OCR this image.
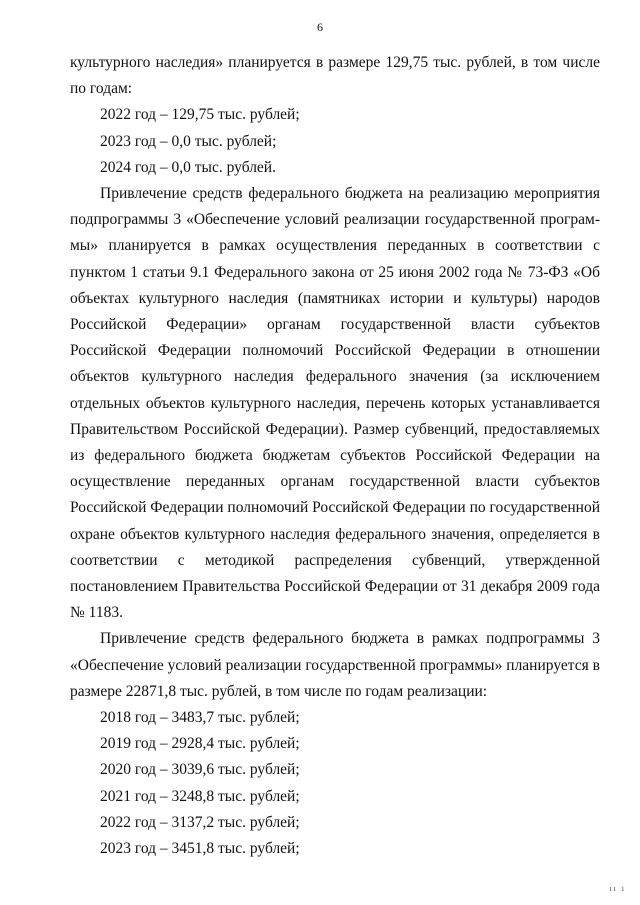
6

культурного наследия» планируется в размере 129,75 тыс. рублей, в том числе по годам:

2022 год – 129,75 тыс. рублей;

2023 год – 0,0 тыс. рублей;

2024 год – 0,0 тыс. рублей.

Привлечение средств федерального бюджета на реализацию мероприятия подпрограммы 3 «Обеспечение условий реализации государственной программы» планируется в рамках осуществления переданных в соответствии с пунктом 1 статьи 9.1 Федерального закона от 25 июня 2002 года № 73-ФЗ «Об объектах культурного наследия (памятниках истории и культуры) народов Российской Федерации» органам государственной власти субъектов Российской Федерации полномочий Российской Федерации в отношении объектов культурного наследия федерального значения (за исключением отдельных объектов культурного наследия, перечень которых устанавливается Правительством Российской Федерации). Размер субвенций, предоставляемых из федерального бюджета бюджетам субъектов Российской Федерации на осуществление переданных органам государственной власти субъектов Российской Федерации полномочий Российской Федерации по государственной охране объектов культурного наследия федерального значения, определяется в соответствии с методикой распределения субвенций, утвержденной постановлением Правительства Российской Федерации от 31 декабря 2009 года № 1183.

Привлечение средств федерального бюджета в рамках подпрограммы 3 «Обеспечение условий реализации государственной программы» планируется в размере 22871,8 тыс. рублей, в том числе по годам реализации:

2018 год – 3483,7 тыс. рублей;

2019 год – 2928,4 тыс. рублей;

2020 год – 3039,6 тыс. рублей;

2021 год – 3248,8 тыс. рублей;

2022 год – 3137,2 тыс. рублей;

2023 год – 3451,8 тыс. рублей;

ıı ı
